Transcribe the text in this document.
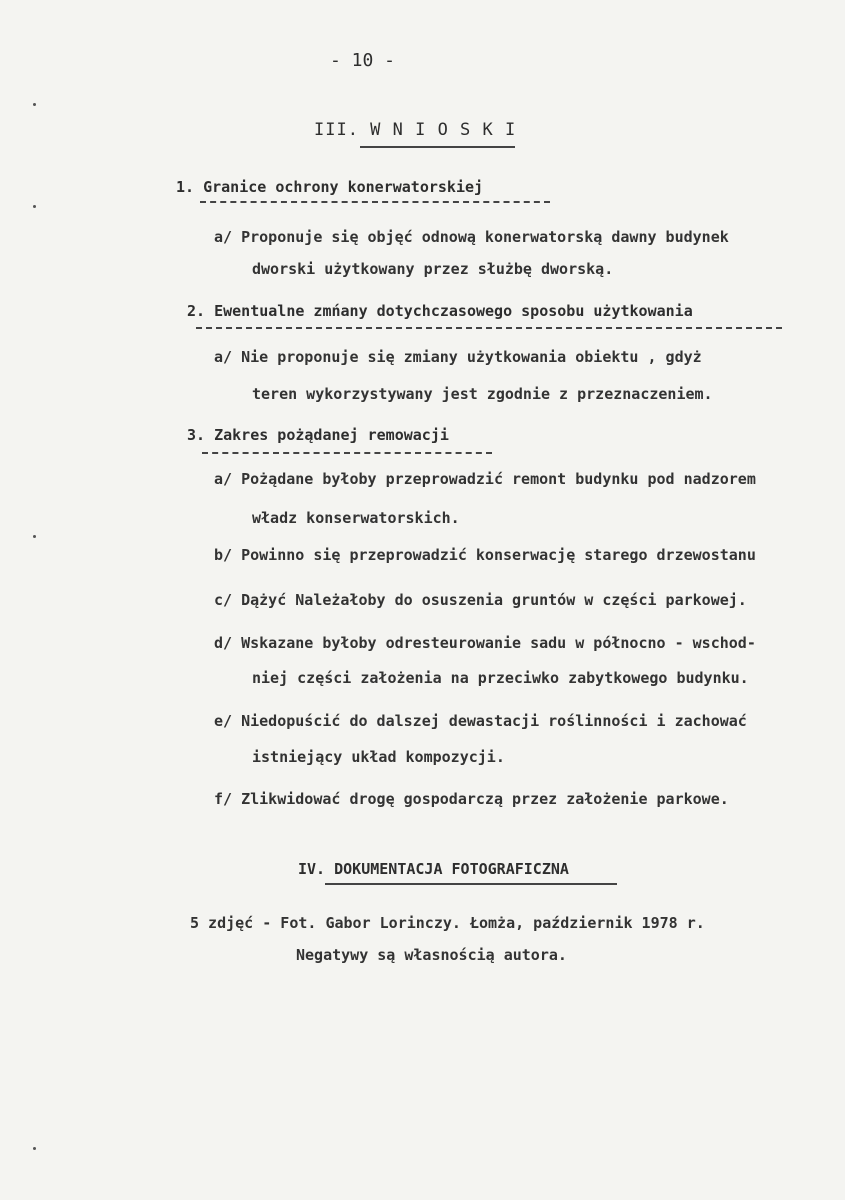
- 10 -
III. W N I O S K I
1. Granice ochrony konerwatorskiej
a/ Proponuje się objęć odnową konerwatorską dawny budynek
dworski użytkowany przez służbę dworską.
2. Ewentualne zmńany dotychczasowego sposobu użytkowania
a/ Nie proponuje się zmiany użytkowania obiektu , gdyż
teren wykorzystywany jest zgodnie z przeznaczeniem.
3. Zakres pożądanej remowacji
a/ Pożądane byłoby przeprowadzić remont budynku pod nadzorem
władz konserwatorskich.
b/ Powinno się przeprowadzić konserwację starego drzewostanu
c/ Dążyć Należałoby do osuszenia gruntów w części parkowej.
d/ Wskazane byłoby odresteurowanie sadu w północno - wschod-
niej części założenia na przeciwko zabytkowego budynku.
e/ Niedopuścić do dalszej dewastacji roślinności i zachować
istniejący układ kompozycji.
f/ Zlikwidować drogę gospodarczą przez założenie parkowe.
IV. DOKUMENTACJA FOTOGRAFICZNA
5 zdjęć - Fot. Gabor Lorinczy. Łomża, październik 1978 r.
Negatywy są własnością autora.
